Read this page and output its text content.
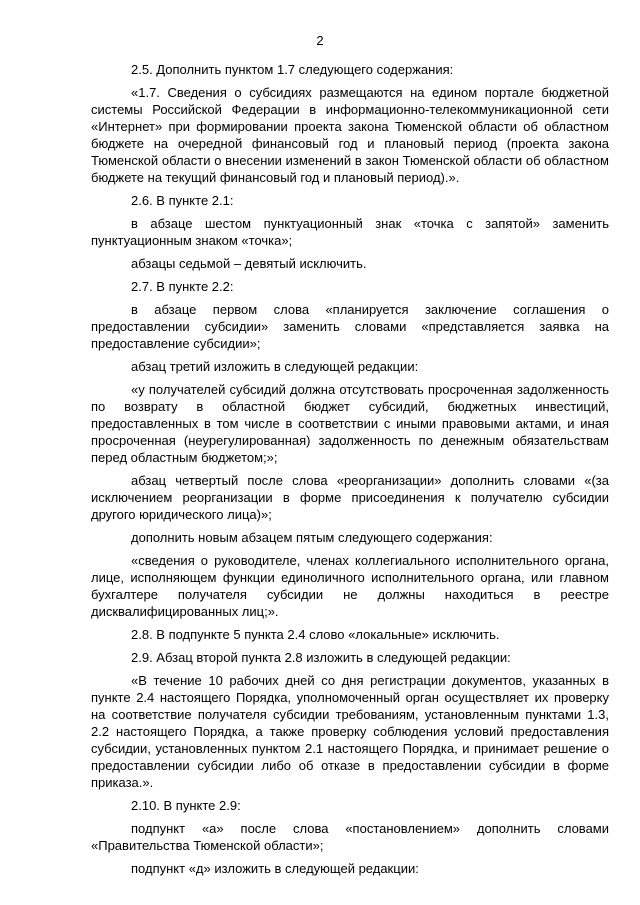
2

2.5. Дополнить пунктом 1.7 следующего содержания:

«1.7. Сведения о субсидиях размещаются на едином портале бюджетной системы Российской Федерации в информационно-телекоммуникационной сети «Интернет» при формировании проекта закона Тюменской области об областном бюджете на очередной финансовый год и плановый период (проекта закона Тюменской области о внесении изменений в закон Тюменской области об областном бюджете на текущий финансовый год и плановый период).».

2.6. В пункте 2.1:

в абзаце шестом пунктуационный знак «точка с запятой» заменить пунктуационным знаком «точка»;

абзацы седьмой – девятый исключить.

2.7. В пункте 2.2:

в абзаце первом слова «планируется заключение соглашения о предоставлении субсидии» заменить словами «представляется заявка на предоставление субсидии»;

абзац третий изложить в следующей редакции:

«у получателей субсидий должна отсутствовать просроченная задолженность по возврату в областной бюджет субсидий, бюджетных инвестиций, предоставленных в том числе в соответствии с иными правовыми актами, и иная просроченная (неурегулированная) задолженность по денежным обязательствам перед областным бюджетом;»;

абзац четвертый после слова «реорганизации» дополнить словами «(за исключением реорганизации в форме присоединения к получателю субсидии другого юридического лица)»;

дополнить новым абзацем пятым следующего содержания:

«сведения о руководителе, членах коллегиального исполнительного органа, лице, исполняющем функции единоличного исполнительного органа, или главном бухгалтере получателя субсидии не должны находиться в реестре дисквалифицированных лиц;».

2.8. В подпункте 5 пункта 2.4 слово «локальные» исключить.

2.9. Абзац второй пункта 2.8 изложить в следующей редакции:

«В течение 10 рабочих дней со дня регистрации документов, указанных в пункте 2.4 настоящего Порядка, уполномоченный орган осуществляет их проверку на соответствие получателя субсидии требованиям, установленным пунктами 1.3, 2.2 настоящего Порядка, а также проверку соблюдения условий предоставления субсидии, установленных пунктом 2.1 настоящего Порядка, и принимает решение о предоставлении субсидии либо об отказе в предоставлении субсидии в форме приказа.».

2.10. В пункте 2.9:

подпункт «а» после слова «постановлением» дополнить словами «Правительства Тюменской области»;

подпункт «д» изложить в следующей редакции:
